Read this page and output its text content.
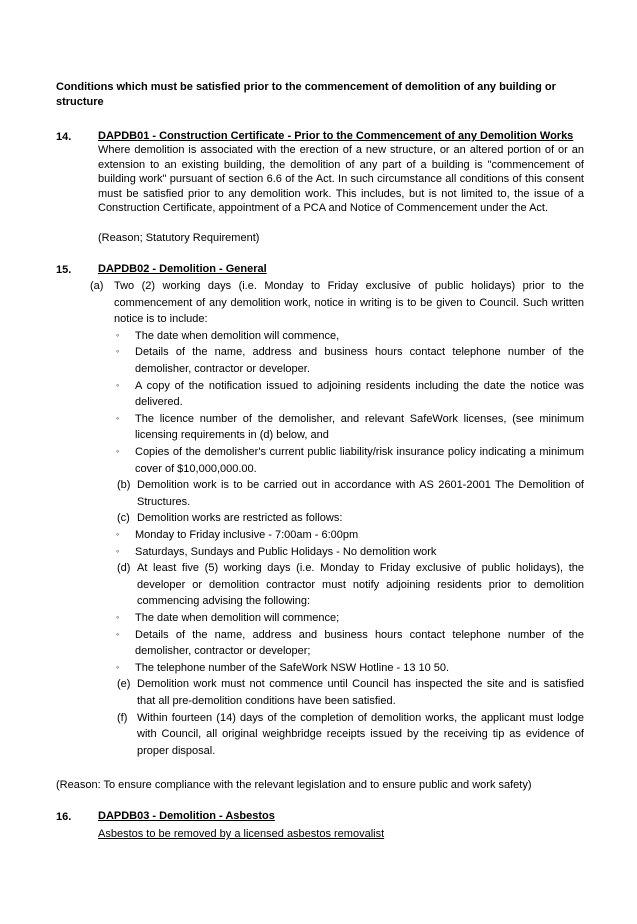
Conditions which must be satisfied prior to the commencement of demolition of any building or structure
14. DAPDB01 - Construction Certificate - Prior to the Commencement of any Demolition Works
Where demolition is associated with the erection of a new structure, or an altered portion of or an extension to an existing building, the demolition of any part of a building is "commencement of building work" pursuant of section 6.6 of the Act. In such circumstance all conditions of this consent must be satisfied prior to any demolition work. This includes, but is not limited to, the issue of a Construction Certificate, appointment of a PCA and Notice of Commencement under the Act.
(Reason; Statutory Requirement)
15. DAPDB02 - Demolition - General
(a) Two (2) working days (i.e. Monday to Friday exclusive of public holidays) prior to the commencement of any demolition work, notice in writing is to be given to Council. Such written notice is to include:
◦ The date when demolition will commence,
◦ Details of the name, address and business hours contact telephone number of the demolisher, contractor or developer.
◦ A copy of the notification issued to adjoining residents including the date the notice was delivered.
◦ The licence number of the demolisher, and relevant SafeWork licenses, (see minimum licensing requirements in (d) below, and
◦ Copies of the demolisher's current public liability/risk insurance policy indicating a minimum cover of $10,000,000.00.
(b) Demolition work is to be carried out in accordance with AS 2601-2001 The Demolition of Structures.
(c) Demolition works are restricted as follows:
◦ Monday to Friday inclusive - 7:00am - 6:00pm
◦ Saturdays, Sundays and Public Holidays - No demolition work
(d) At least five (5) working days (i.e. Monday to Friday exclusive of public holidays), the developer or demolition contractor must notify adjoining residents prior to demolition commencing advising the following:
◦ The date when demolition will commence;
◦ Details of the name, address and business hours contact telephone number of the demolisher, contractor or developer;
◦ The telephone number of the SafeWork NSW Hotline - 13 10 50.
(e) Demolition work must not commence until Council has inspected the site and is satisfied that all pre-demolition conditions have been satisfied.
(f) Within fourteen (14) days of the completion of demolition works, the applicant must lodge with Council, all original weighbridge receipts issued by the receiving tip as evidence of proper disposal.
(Reason: To ensure compliance with the relevant legislation and to ensure public and work safety)
16. DAPDB03 - Demolition - Asbestos
Asbestos to be removed by a licensed asbestos removalist
